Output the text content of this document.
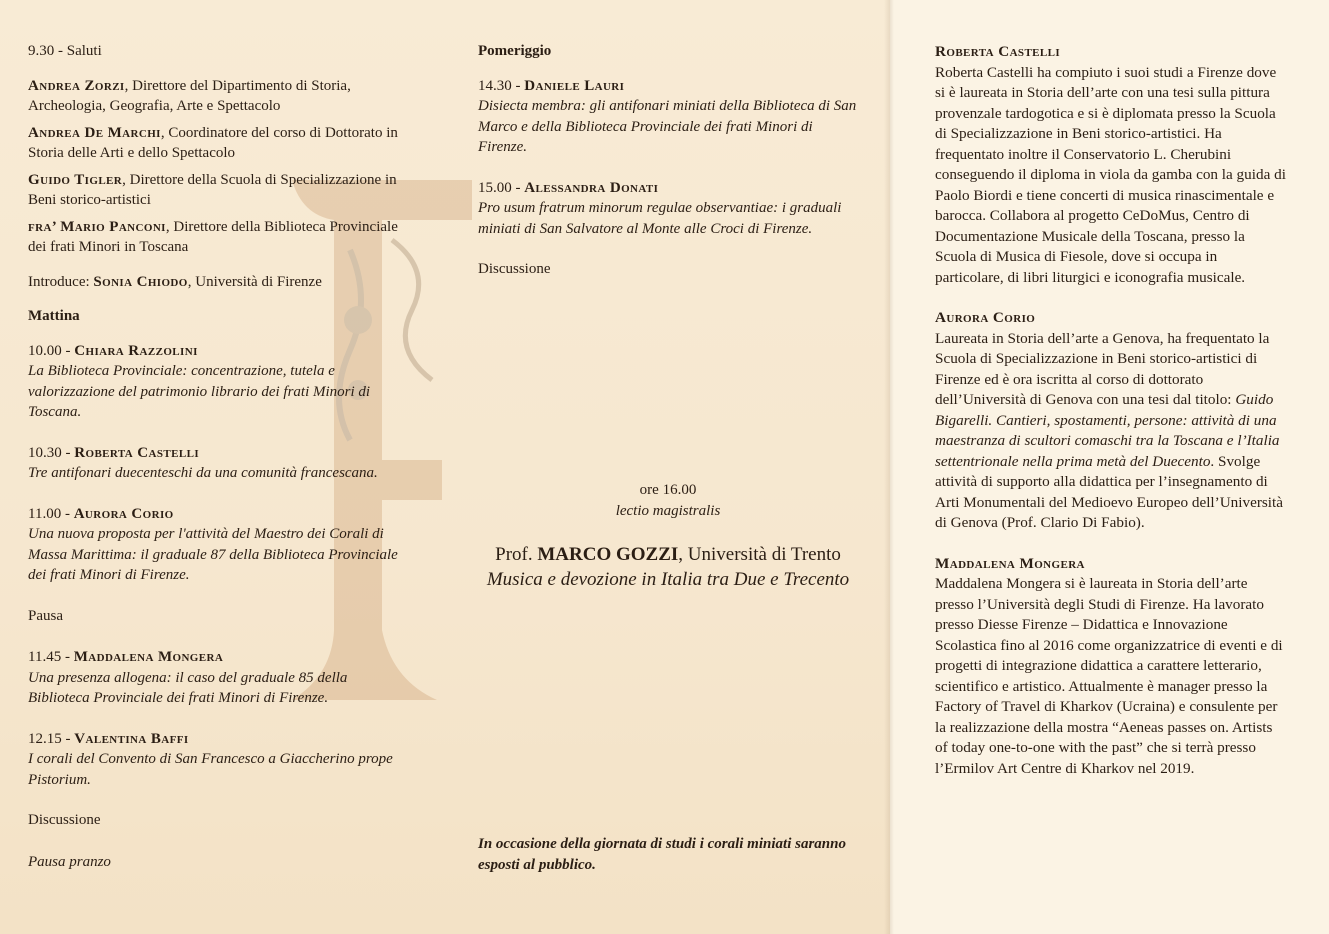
9.30 - Saluti

Andrea Zorzi, Direttore del Dipartimento di Storia, Archeologia, Geografia, Arte e Spettacolo

Andrea De Marchi, Coordinatore del corso di Dottorato in Storia delle Arti e dello Spettacolo

Guido Tigler, Direttore della Scuola di Specializzazione in Beni storico-artistici

fra’ Mario Panconi, Direttore della Biblioteca Provinciale dei frati Minori in Toscana

Introduce: Sonia Chiodo, Università di Firenze

Mattina

10.00 - Chiara Razzolini

La Biblioteca Provinciale: concentrazione, tutela e valorizzazione del patrimonio librario dei frati Minori di Toscana.

10.30 - Roberta Castelli

Tre antifonari duecenteschi da una comunità francescana.

11.00 - Aurora Corio

Una nuova proposta per l'attività del Maestro dei Corali di Massa Marittima: il graduale 87 della Biblioteca Provinciale dei frati Minori di Firenze.

Pausa

11.45 - Maddalena Mongera

Una presenza allogena: il caso del graduale 85 della Biblioteca Provinciale dei frati Minori di Firenze.

12.15 - Valentina Baffi

I corali del Convento di San Francesco a Giaccherino prope Pistorium.

Discussione

Pausa pranzo

Pomeriggio

14.30 - Daniele Lauri

Disiecta membra: gli antifonari miniati della Biblioteca di San Marco e della Biblioteca Provinciale dei frati Minori di Firenze.

15.00 - Alessandra Donati

Pro usum fratrum minorum regulae observantiae: i graduali miniati di San Salvatore al Monte alle Croci di Firenze.

Discussione

ore 16.00

lectio magistralis

Prof. MARCO GOZZI, Università di Trento

Musica e devozione in Italia tra Due e Trecento

In occasione della giornata di studi i corali miniati saranno esposti al pubblico.

Roberta Castelli

Roberta Castelli ha compiuto i suoi studi a Firenze dove si è laureata in Storia dell’arte con una tesi sulla pittura provenzale tardogotica e si è diplomata presso la Scuola di Specializzazione in Beni storico-artistici. Ha frequentato inoltre il Conservatorio L. Cherubini conseguendo il diploma in viola da gamba con la guida di Paolo Biordi e tiene concerti di musica rinascimentale e barocca. Collabora al progetto CeDoMus, Centro di Documentazione Musicale della Toscana, presso la Scuola di Musica di Fiesole, dove si occupa in particolare, di libri liturgici e iconografia musicale.

Aurora Corio

Laureata in Storia dell’arte a Genova, ha frequentato la Scuola di Specializzazione in Beni storico-artistici di Firenze ed è ora iscritta al corso di dottorato dell’Università di Genova con una tesi dal titolo: Guido Bigarelli. Cantieri, spostamenti, persone: attività di una maestranza di scultori comaschi tra la Toscana e l’Italia settentrionale nella prima metà del Duecento. Svolge attività di supporto alla didattica per l’insegnamento di Arti Monumentali del Medioevo Europeo dell’Università di Genova (Prof. Clario Di Fabio).

Maddalena Mongera

Maddalena Mongera si è laureata in Storia dell’arte presso l’Università degli Studi di Firenze. Ha lavorato presso Diesse Firenze – Didattica e Innovazione Scolastica fino al 2016 come organizzatrice di eventi e di progetti di integrazione didattica a carattere letterario, scientifico e artistico. Attualmente è manager presso la Factory of Travel di Kharkov (Ucraina) e consulente per la realizzazione della mostra “Aeneas passes on. Artists of today one-to-one with the past” che si terrà presso l’Ermilov Art Centre di Kharkov nel 2019.
